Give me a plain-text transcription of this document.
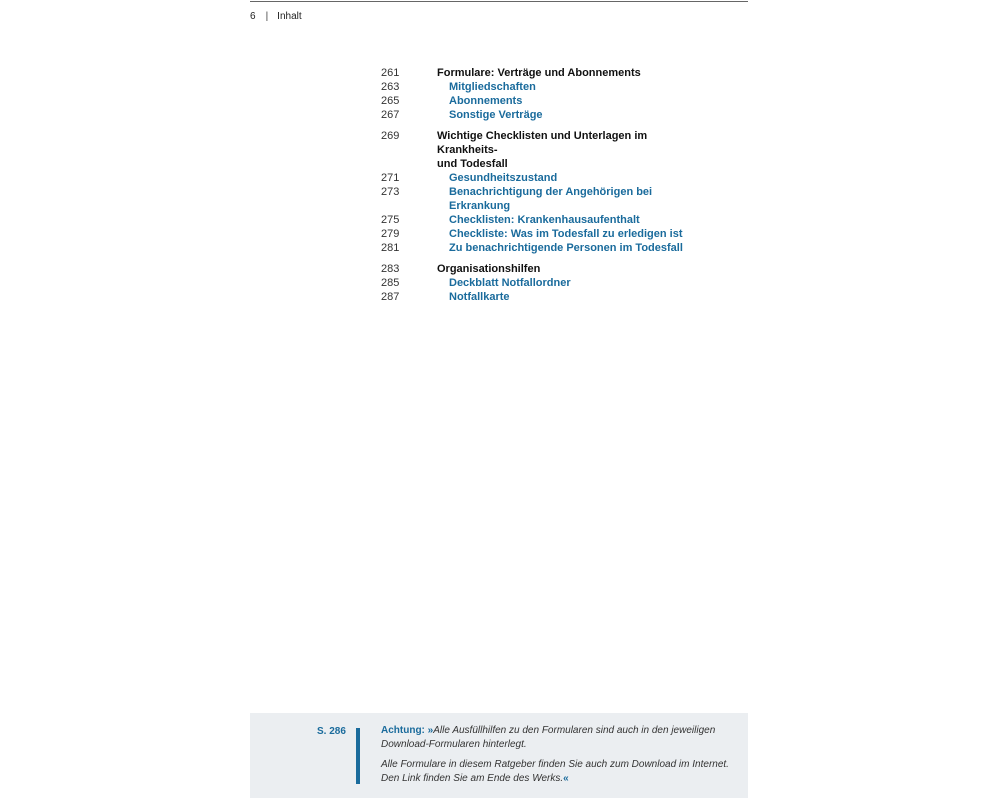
6 | Inhalt
261	Formulare: Verträge und Abonnements
263	Mitgliedschaften
265	Abonnements
267	Sonstige Verträge
269	Wichtige Checklisten und Unterlagen im Krankheits-
und Todesfall
271	Gesundheitszustand
273	Benachrichtigung der Angehörigen bei Erkrankung
275	Checklisten: Krankenhausaufenthalt
279	Checkliste: Was im Todesfall zu erledigen ist
281	Zu benachrichtigende Personen im Todesfall
283	Organisationshilfen
285	Deckblatt Notfallordner
287	Notfallkarte
S. 286	Achtung: »Alle Ausfüllhilfen zu den Formularen sind auch in den jeweiligen Download-Formularen hinterlegt.

Alle Formulare in diesem Ratgeber finden Sie auch zum Download im Internet. Den Link finden Sie am Ende des Werks.«
